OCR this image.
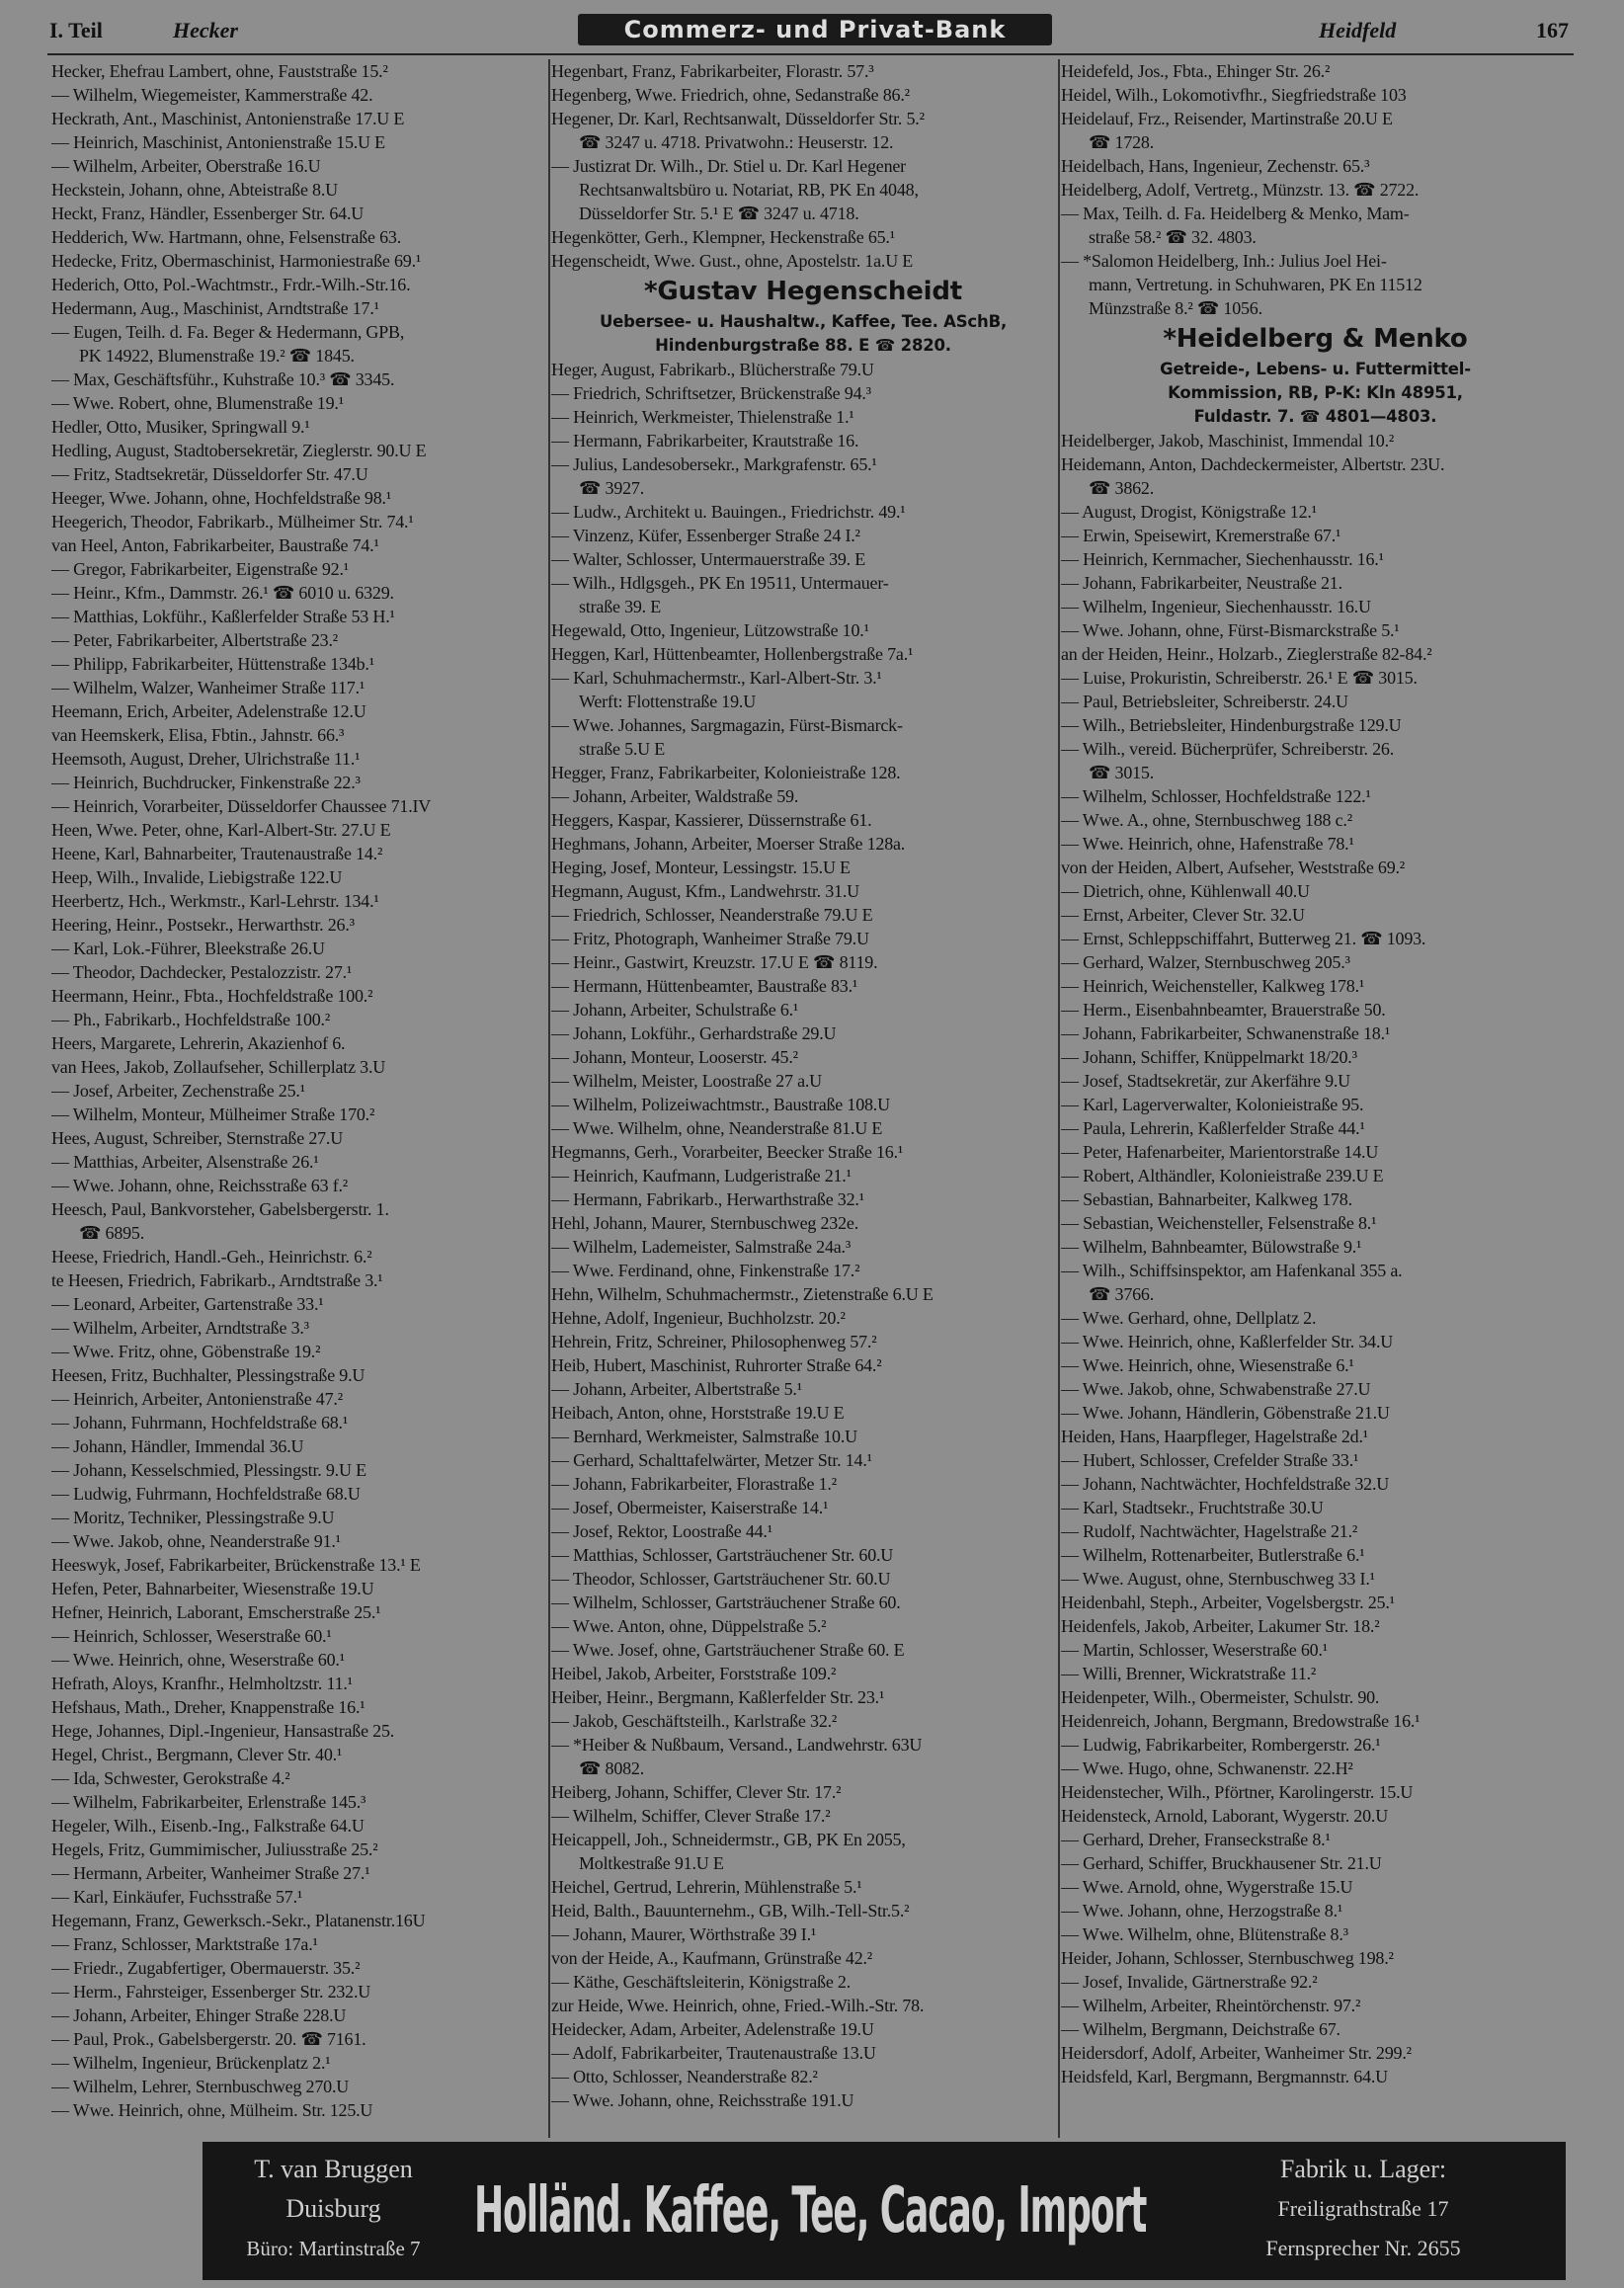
I. Teil	Hecker	Commerz- und Privat-Bank	Heidfeld	167
Hecker, Ehefrau Lambert, ohne, Fauststraße 15.²
— Wilhelm, Wiegemeister, Kammerstraße 42.
Heckrath, Ant., Maschinist, Antonienstraße 17.U E
— Heinrich, Maschinist, Antonienstraße 15.U E
— Wilhelm, Arbeiter, Oberstraße 16.U
Heckstein, Johann, ohne, Abteistraße 8.U
Heckt, Franz, Händler, Essenberger Str. 64.U
Hedderich, Ww. Hartmann, ohne, Felsenstraße 63.
Hedecke, Fritz, Obermaschinist, Harmoniestraße 69.¹
Hederich, Otto, Pol.-Wachtmstr., Frdr.-Wilh.-Str.16.
Hedermann, Aug., Maschinist, Arndtstraße 17.¹
— Eugen, Teilh. d. Fa. Beger & Hedermann, GPB,
PK 14922, Blumenstraße 19.² ☎ 1845.
— Max, Geschäftsführ., Kuhstraße 10.³ ☎ 3345.
— Wwe. Robert, ohne, Blumenstraße 19.¹
Hedler, Otto, Musiker, Springwall 9.¹
Hedling, August, Stadtobersekretär, Zieglerstr. 90.U E
— Fritz, Stadtsekretär, Düsseldorfer Str. 47.U
Heeger, Wwe. Johann, ohne, Hochfeldstraße 98.¹
Heegerich, Theodor, Fabrikarb., Mülheimer Str. 74.¹
van Heel, Anton, Fabrikarbeiter, Baustraße 74.¹
— Gregor, Fabrikarbeiter, Eigenstraße 92.¹
— Heinr., Kfm., Dammstr. 26.¹ ☎ 6010 u. 6329.
— Matthias, Lokführ., Kaßlerfelder Straße 53 H.¹
— Peter, Fabrikarbeiter, Albertstraße 23.²
— Philipp, Fabrikarbeiter, Hüttenstraße 134b.¹
— Wilhelm, Walzer, Wanheimer Straße 117.¹
Heemann, Erich, Arbeiter, Adelenstraße 12.U
van Heemskerk, Elisa, Fbtin., Jahnstr. 66.³
Heemsoth, August, Dreher, Ulrichstraße 11.¹
— Heinrich, Buchdrucker, Finkenstraße 22.³
— Heinrich, Vorarbeiter, Düsseldorfer Chaussee 71.IV
Heen, Wwe. Peter, ohne, Karl-Albert-Str. 27.U E
Heene, Karl, Bahnarbeiter, Trautenaustraße 14.²
Heep, Wilh., Invalide, Liebigstraße 122.U
Heerbertz, Hch., Werkmstr., Karl-Lehrstr. 134.¹
Heering, Heinr., Postsekr., Herwarthstr. 26.³
— Karl, Lok.-Führer, Bleekstraße 26.U
— Theodor, Dachdecker, Pestalozzistr. 27.¹
Heermann, Heinr., Fbta., Hochfeldstraße 100.²
— Ph., Fabrikarb., Hochfeldstraße 100.²
Heers, Margarete, Lehrerin, Akazienhof 6.
van Hees, Jakob, Zollaufseher, Schillerplatz 3.U
— Josef, Arbeiter, Zechenstraße 25.¹
— Wilhelm, Monteur, Mülheimer Straße 170.²
Hees, August, Schreiber, Sternstraße 27.U
— Matthias, Arbeiter, Alsenstraße 26.¹
— Wwe. Johann, ohne, Reichsstraße 63 f.²
Heesch, Paul, Bankvorsteher, Gabelsbergerstr. 1.
☎ 6895.
Heese, Friedrich, Handl.-Geh., Heinrichstr. 6.²
te Heesen, Friedrich, Fabrikarb., Arndtstraße 3.¹
— Leonard, Arbeiter, Gartenstraße 33.¹
— Wilhelm, Arbeiter, Arndtstraße 3.³
— Wwe. Fritz, ohne, Göbenstraße 19.²
Heesen, Fritz, Buchhalter, Plessingstraße 9.U
— Heinrich, Arbeiter, Antonienstraße 47.²
— Johann, Fuhrmann, Hochfeldstraße 68.¹
— Johann, Händler, Immendal 36.U
— Johann, Kesselschmied, Plessingstr. 9.U E
— Ludwig, Fuhrmann, Hochfeldstraße 68.U
— Moritz, Techniker, Plessingstraße 9.U
— Wwe. Jakob, ohne, Neanderstraße 91.¹
Heeswyk, Josef, Fabrikarbeiter, Brückenstraße 13.¹ E
Hefen, Peter, Bahnarbeiter, Wiesenstraße 19.U
Hefner, Heinrich, Laborant, Emscherstraße 25.¹
— Heinrich, Schlosser, Weserstraße 60.¹
— Wwe. Heinrich, ohne, Weserstraße 60.¹
Hefrath, Aloys, Kranfhr., Helmholtzstr. 11.¹
Hefshaus, Math., Dreher, Knappenstraße 16.¹
Hege, Johannes, Dipl.-Ingenieur, Hansastraße 25.
Hegel, Christ., Bergmann, Clever Str. 40.¹
— Ida, Schwester, Gerokstraße 4.²
— Wilhelm, Fabrikarbeiter, Erlenstraße 145.³
Hegeler, Wilh., Eisenb.-Ing., Falkstraße 64.U
Hegels, Fritz, Gummimischer, Juliusstraße 25.²
— Hermann, Arbeiter, Wanheimer Straße 27.¹
— Karl, Einkäufer, Fuchsstraße 57.¹
Hegemann, Franz, Gewerksch.-Sekr., Platanenstr.16U
— Franz, Schlosser, Marktstraße 17a.¹
— Friedr., Zugabfertiger, Obermauerstr. 35.²
— Herm., Fahrsteiger, Essenberger Str. 232.U
— Johann, Arbeiter, Ehinger Straße 228.U
— Paul, Prok., Gabelsbergerstr. 20. ☎ 7161.
— Wilhelm, Ingenieur, Brückenplatz 2.¹
— Wilhelm, Lehrer, Sternbuschweg 270.U
— Wwe. Heinrich, ohne, Mülheim. Str. 125.U
Hegenbart, Franz, Fabrikarbeiter, Florastr. 57.³
Hegenberg, Wwe. Friedrich, ohne, Sedanstraße 86.²
Hegener, Dr. Karl, Rechtsanwalt, Düsseldorfer Str. 5.²
☎ 3247 u. 4718. Privatwohn.: Heuserstr. 12.
— Justizrat Dr. Wilh., Dr. Stiel u. Dr. Karl Hegener
Rechtsanwaltsbüro u. Notariat, RB, PK En 4048,
Düsseldorfer Str. 5.¹ E ☎ 3247 u. 4718.
Hegenkötter, Gerh., Klempner, Heckenstraße 65.¹
Hegenscheidt, Wwe. Gust., ohne, Apostelstr. 1a.U E
*Gustav Hegenscheidt
Uebersee- u. Haushaltw., Kaffee, Tee. ASchB,
Hindenburgstraße 88. E ☎ 2820.
Heger, August, Fabrikarb., Blücherstraße 79.U
— Friedrich, Schriftsetzer, Brückenstraße 94.³
— Heinrich, Werkmeister, Thielenstraße 1.¹
— Hermann, Fabrikarbeiter, Krautstraße 16.
— Julius, Landesobersekr., Markgrafenstr. 65.¹
☎ 3927.
— Ludw., Architekt u. Bauingen., Friedrichstr. 49.¹
— Vinzenz, Küfer, Essenberger Straße 24 I.²
— Walter, Schlosser, Untermauerstraße 39. E
— Wilh., Hdlgsgeh., PK En 19511, Untermauer-
straße 39. E
Hegewald, Otto, Ingenieur, Lützowstraße 10.¹
Heggen, Karl, Hüttenbeamter, Hollenbergstraße 7a.¹
— Karl, Schuhmachermstr., Karl-Albert-Str. 3.¹
Werft: Flottenstraße 19.U
— Wwe. Johannes, Sargmagazin, Fürst-Bismarck-
straße 5.U E
Hegger, Franz, Fabrikarbeiter, Kolonieistraße 128.
— Johann, Arbeiter, Waldstraße 59.
Heggers, Kaspar, Kassierer, Düssernstraße 61.
Heghmans, Johann, Arbeiter, Moerser Straße 128a.
Heging, Josef, Monteur, Lessingstr. 15.U E
Hegmann, August, Kfm., Landwehrstr. 31.U
— Friedrich, Schlosser, Neanderstraße 79.U E
— Fritz, Photograph, Wanheimer Straße 79.U
— Heinr., Gastwirt, Kreuzstr. 17.U E ☎ 8119.
— Hermann, Hüttenbeamter, Baustraße 83.¹
— Johann, Arbeiter, Schulstraße 6.¹
— Johann, Lokführ., Gerhardstraße 29.U
— Johann, Monteur, Looserstr. 45.²
— Wilhelm, Meister, Loostraße 27 a.U
— Wilhelm, Polizeiwachtmstr., Baustraße 108.U
— Wwe. Wilhelm, ohne, Neanderstraße 81.U E
Hegmanns, Gerh., Vorarbeiter, Beecker Straße 16.¹
— Heinrich, Kaufmann, Ludgeristraße 21.¹
— Hermann, Fabrikarb., Herwarthstraße 32.¹
Hehl, Johann, Maurer, Sternbuschweg 232e.
— Wilhelm, Lademeister, Salmstraße 24a.³
— Wwe. Ferdinand, ohne, Finkenstraße 17.²
Hehn, Wilhelm, Schuhmachermstr., Zietenstraße 6.U E
Hehne, Adolf, Ingenieur, Buchholzstr. 20.²
Hehrein, Fritz, Schreiner, Philosophenweg 57.²
Heib, Hubert, Maschinist, Ruhrorter Straße 64.²
— Johann, Arbeiter, Albertstraße 5.¹
Heibach, Anton, ohne, Horststraße 19.U E
— Bernhard, Werkmeister, Salmstraße 10.U
— Gerhard, Schalttafelwärter, Metzer Str. 14.¹
— Johann, Fabrikarbeiter, Florastraße 1.²
— Josef, Obermeister, Kaiserstraße 14.¹
— Josef, Rektor, Loostraße 44.¹
— Matthias, Schlosser, Gartsträuchener Str. 60.U
— Theodor, Schlosser, Gartsträuchener Str. 60.U
— Wilhelm, Schlosser, Gartsträuchener Straße 60.
— Wwe. Anton, ohne, Düppelstraße 5.²
— Wwe. Josef, ohne, Gartsträuchener Straße 60. E
Heibel, Jakob, Arbeiter, Forststraße 109.²
Heiber, Heinr., Bergmann, Kaßlerfelder Str. 23.¹
— Jakob, Geschäftsteilh., Karlstraße 32.²
— *Heiber & Nußbaum, Versand., Landwehrstr. 63U
☎ 8082.
Heiberg, Johann, Schiffer, Clever Str. 17.²
— Wilhelm, Schiffer, Clever Straße 17.²
Heicappell, Joh., Schneidermstr., GB, PK En 2055,
Moltkestraße 91.U E
Heichel, Gertrud, Lehrerin, Mühlenstraße 5.¹
Heid, Balth., Bauunternehm., GB, Wilh.-Tell-Str.5.²
— Johann, Maurer, Wörthstraße 39 I.¹
von der Heide, A., Kaufmann, Grünstraße 42.²
— Käthe, Geschäftsleiterin, Königstraße 2.
zur Heide, Wwe. Heinrich, ohne, Fried.-Wilh.-Str. 78.
Heidecker, Adam, Arbeiter, Adelenstraße 19.U
— Adolf, Fabrikarbeiter, Trautenaustraße 13.U
— Otto, Schlosser, Neanderstraße 82.²
— Wwe. Johann, ohne, Reichsstraße 191.U
Heidefeld, Jos., Fbta., Ehinger Str. 26.²
Heidel, Wilh., Lokomotivfhr., Siegfriedstraße 103
Heidelauf, Frz., Reisender, Martinstraße 20.U E
☎ 1728.
Heidelbach, Hans, Ingenieur, Zechenstr. 65.³
Heidelberg, Adolf, Vertretg., Münzstr. 13. ☎ 2722.
— Max, Teilh. d. Fa. Heidelberg & Menko, Mam-
straße 58.² ☎ 32. 4803.
— *Salomon Heidelberg, Inh.: Julius Joel Hei-
mann, Vertretung. in Schuhwaren, PK En 11512
Münzstraße 8.² ☎ 1056.
*Heidelberg & Menko
Getreide-, Lebens- u. Futtermittel-
Kommission, RB, P-K: Kln 48951,
Fuldastr. 7. ☎ 4801—4803.
Heidelberger, Jakob, Maschinist, Immendal 10.²
Heidemann, Anton, Dachdeckermeister, Albertstr. 23U.
☎ 3862.
— August, Drogist, Königstraße 12.¹
— Erwin, Speisewirt, Kremerstraße 67.¹
— Heinrich, Kernmacher, Siechenhausstr. 16.¹
— Johann, Fabrikarbeiter, Neustraße 21.
— Wilhelm, Ingenieur, Siechenhausstr. 16.U
— Wwe. Johann, ohne, Fürst-Bismarckstraße 5.¹
an der Heiden, Heinr., Holzarb., Zieglerstraße 82-84.²
— Luise, Prokuristin, Schreiberstr. 26.¹ E ☎ 3015.
— Paul, Betriebsleiter, Schreiberstr. 24.U
— Wilh., Betriebsleiter, Hindenburgstraße 129.U
— Wilh., vereid. Bücherprüfer, Schreiberstr. 26.
☎ 3015.
— Wilhelm, Schlosser, Hochfeldstraße 122.¹
— Wwe. A., ohne, Sternbuschweg 188 c.²
— Wwe. Heinrich, ohne, Hafenstraße 78.¹
von der Heiden, Albert, Aufseher, Weststraße 69.²
— Dietrich, ohne, Kühlenwall 40.U
— Ernst, Arbeiter, Clever Str. 32.U
— Ernst, Schleppschiffahrt, Butterweg 21. ☎ 1093.
— Gerhard, Walzer, Sternbuschweg 205.³
— Heinrich, Weichensteller, Kalkweg 178.¹
— Herm., Eisenbahnbeamter, Brauerstraße 50.
— Johann, Fabrikarbeiter, Schwanenstraße 18.¹
— Johann, Schiffer, Knüppelmarkt 18/20.³
— Josef, Stadtsekretär, zur Akerfähre 9.U
— Karl, Lagerverwalter, Kolonieistraße 95.
— Paula, Lehrerin, Kaßlerfelder Straße 44.¹
— Peter, Hafenarbeiter, Marientorstraße 14.U
— Robert, Althändler, Kolonieistraße 239.U E
— Sebastian, Bahnarbeiter, Kalkweg 178.
— Sebastian, Weichensteller, Felsenstraße 8.¹
— Wilhelm, Bahnbeamter, Bülowstraße 9.¹
— Wilh., Schiffsinspektor, am Hafenkanal 355 a.
☎ 3766.
— Wwe. Gerhard, ohne, Dellplatz 2.
— Wwe. Heinrich, ohne, Kaßlerfelder Str. 34.U
— Wwe. Heinrich, ohne, Wiesenstraße 6.¹
— Wwe. Jakob, ohne, Schwabenstraße 27.U
— Wwe. Johann, Händlerin, Göbenstraße 21.U
Heiden, Hans, Haarpfleger, Hagelstraße 2d.¹
— Hubert, Schlosser, Crefelder Straße 33.¹
— Johann, Nachtwächter, Hochfeldstraße 32.U
— Karl, Stadtsekr., Fruchtstraße 30.U
— Rudolf, Nachtwächter, Hagelstraße 21.²
— Wilhelm, Rottenarbeiter, Butlerstraße 6.¹
— Wwe. August, ohne, Sternbuschweg 33 I.¹
Heidenbahl, Steph., Arbeiter, Vogelsbergstr. 25.¹
Heidenfels, Jakob, Arbeiter, Lakumer Str. 18.²
— Martin, Schlosser, Weserstraße 60.¹
— Willi, Brenner, Wickratstraße 11.²
Heidenpeter, Wilh., Obermeister, Schulstr. 90.
Heidenreich, Johann, Bergmann, Bredowstraße 16.¹
— Ludwig, Fabrikarbeiter, Rombergerstr. 26.¹
— Wwe. Hugo, ohne, Schwanenstr. 22.H²
Heidenstecher, Wilh., Pförtner, Karolingerstr. 15.U
Heidensteck, Arnold, Laborant, Wygerstr. 20.U
— Gerhard, Dreher, Franseckstraße 8.¹
— Gerhard, Schiffer, Bruckhausener Str. 21.U
— Wwe. Arnold, ohne, Wygerstraße 15.U
— Wwe. Johann, ohne, Herzogstraße 8.¹
— Wwe. Wilhelm, ohne, Blütenstraße 8.³
Heider, Johann, Schlosser, Sternbuschweg 198.²
— Josef, Invalide, Gärtnerstraße 92.²
— Wilhelm, Arbeiter, Rheintörchenstr. 97.²
— Wilhelm, Bergmann, Deichstraße 67.
Heidersdorf, Adolf, Arbeiter, Wanheimer Str. 299.²
Heidsfeld, Karl, Bergmann, Bergmannstr. 64.U
T. van Bruggen
Duisburg
Büro: Martinstraße 7
Holländ. Kaffee, Tee, Cacao, Import
Fabrik u. Lager:
Freiligrathstraße 17
Fernsprecher Nr. 2655
